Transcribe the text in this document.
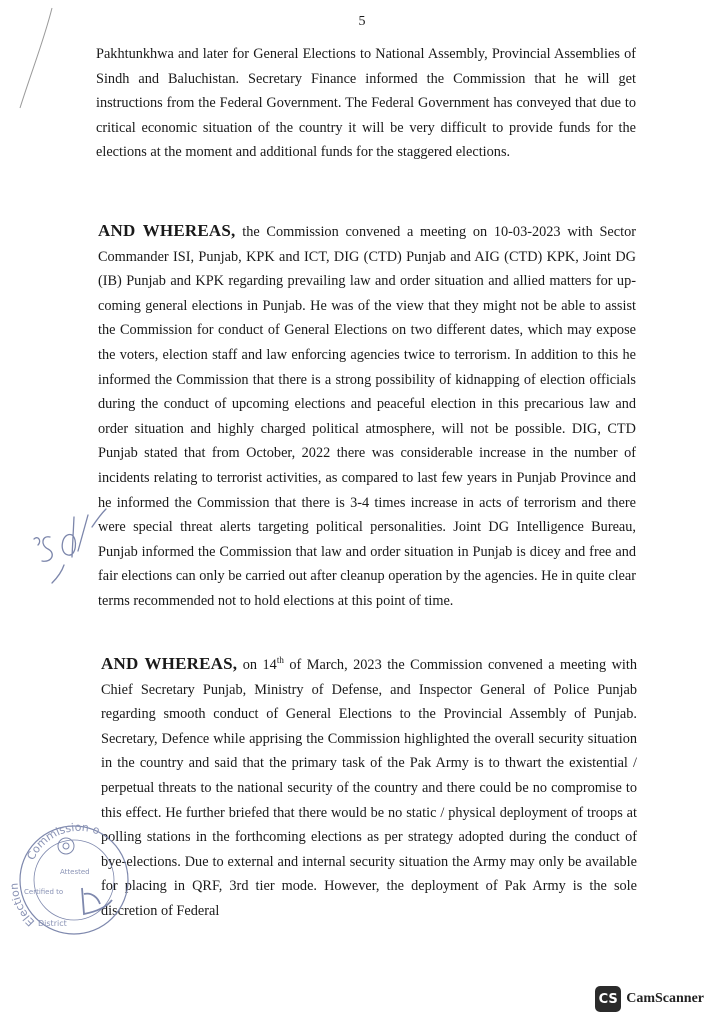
5

Pakhtunkhwa and later for General Elections to National Assembly, Provincial Assemblies of Sindh and Baluchistan. Secretary Finance informed the Commission that he will get instructions from the Federal Government. The Federal Government has conveyed that due to critical economic situation of the country it will be very difficult to provide funds for the elections at the moment and additional funds for the staggered elections.

AND WHEREAS, the Commission convened a meeting on 10-03-2023 with Sector Commander ISI, Punjab, KPK and ICT, DIG (CTD) Punjab and AIG (CTD) KPK, Joint DG (IB) Punjab and KPK regarding prevailing law and order situation and allied matters for up-coming general elections in Punjab. He was of the view that they might not be able to assist the Commission for conduct of General Elections on two different dates, which may expose the voters, election staff and law enforcing agencies twice to terrorism. In addition to this he informed the Commission that there is a strong possibility of kidnapping of election officials during the conduct of upcoming elections and peaceful election in this precarious law and order situation and highly charged political atmosphere, will not be possible. DIG, CTD Punjab stated that from October, 2022 there was considerable increase in the number of incidents relating to terrorist activities, as compared to last few years in Punjab Province and he informed the Commission that there is 3-4 times increase in acts of terrorism and there were special threat alerts targeting political personalities. Joint DG Intelligence Bureau, Punjab informed the Commission that law and order situation in Punjab is dicey and free and fair elections can only be carried out after cleanup operation by the agencies. He in quite clear terms recommended not to hold elections at this point of time.

AND WHEREAS, on 14th of March, 2023 the Commission convened a meeting with Chief Secretary Punjab, Ministry of Defense, and Inspector General of Police Punjab regarding smooth conduct of General Elections to the Provincial Assembly of Punjab. Secretary, Defence while apprising the Commission highlighted the overall security situation in the country and said that the primary task of the Pak Army is to thwart the existential / perpetual threats to the national security of the country and there could be no compromise to this effect. He further briefed that there would be no static / physical deployment of troops at polling stations in the forthcoming elections as per strategy adopted during the conduct of bye-elections. Due to external and internal security situation the Army may only be available for placing in QRF, 3rd tier mode. However, the deployment of Pak Army is the sole discretion of Federal

Commission o
Election
Attested
Certified to
District
CS CamScanner
